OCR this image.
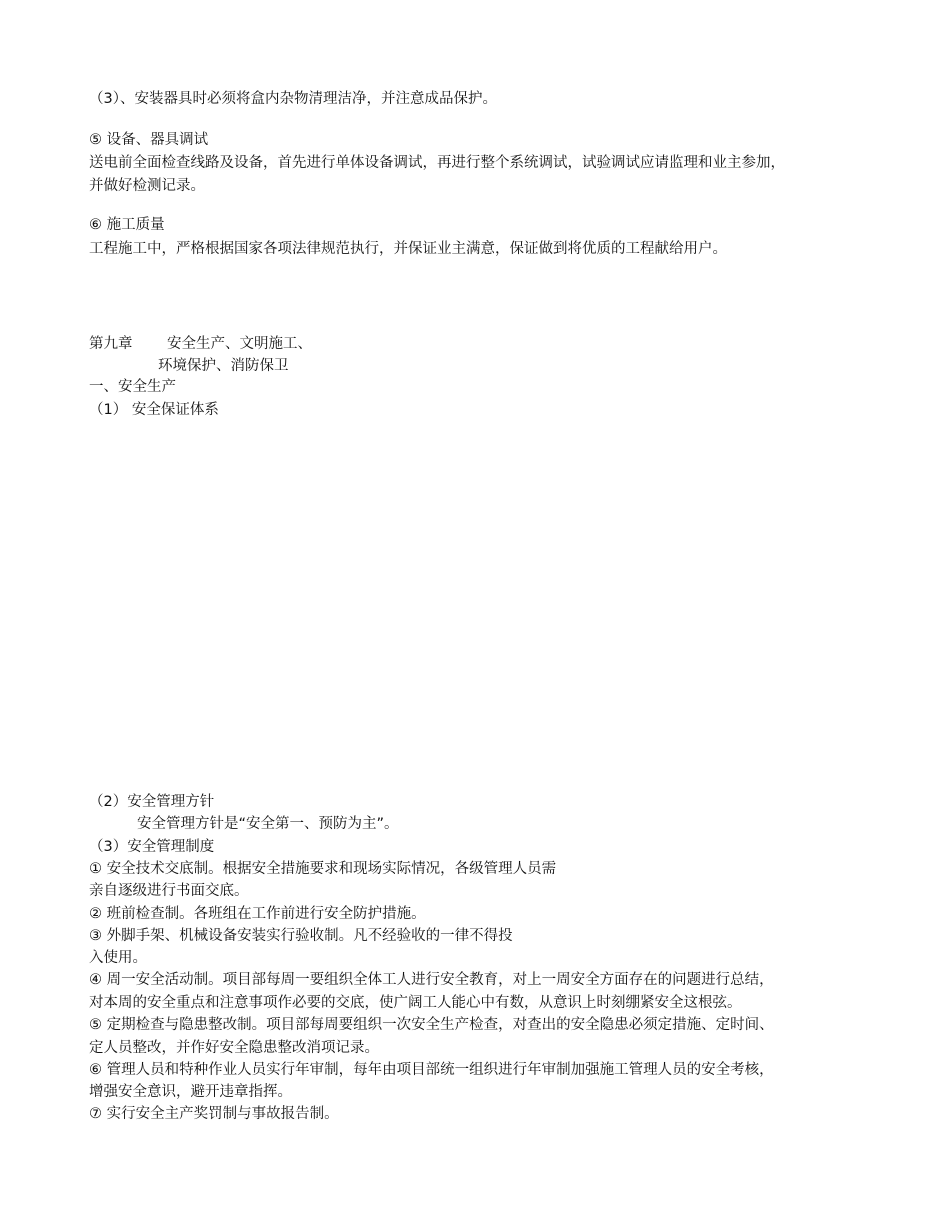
（3）、安装器具时必须将盒内杂物清理洁净，并注意成品保护。

⑤ 设备、器具调试

送电前全面检查线路及设备，首先进行单体设备调试，再进行整个系统调试，试验调试应请监理和业主参加，

并做好检测记录。

⑥ 施工质量

工程施工中，严格根据国家各项法律规范执行，并保证业主满意，保证做到将优质的工程献给用户。

第九章 安全生产、文明施工、

环境保护、消防保卫

一、安全生产

（1） 安全保证体系

（2）安全管理方针

安全管理方针是“安全第一、预防为主”。

（3）安全管理制度

① 安全技术交底制。根据安全措施要求和现场实际情况，各级管理人员需

亲自逐级进行书面交底。

② 班前检查制。各班组在工作前进行安全防护措施。

③ 外脚手架、机械设备安装实行验收制。凡不经验收的一律不得投

入使用。

④ 周一安全活动制。项目部每周一要组织全体工人进行安全教育，对上一周安全方面存在的问题进行总结，

对本周的安全重点和注意事项作必要的交底，使广阔工人能心中有数，从意识上时刻绷紧安全这根弦。

⑤ 定期检查与隐患整改制。项目部每周要组织一次安全生产检查，对查出的安全隐患必须定措施、定时间、

定人员整改，并作好安全隐患整改消项记录。

⑥ 管理人员和特种作业人员实行年审制，每年由项目部统一组织进行年审制加强施工管理人员的安全考核，

增强安全意识，避开违章指挥。

⑦ 实行安全主产奖罚制与事故报告制。
